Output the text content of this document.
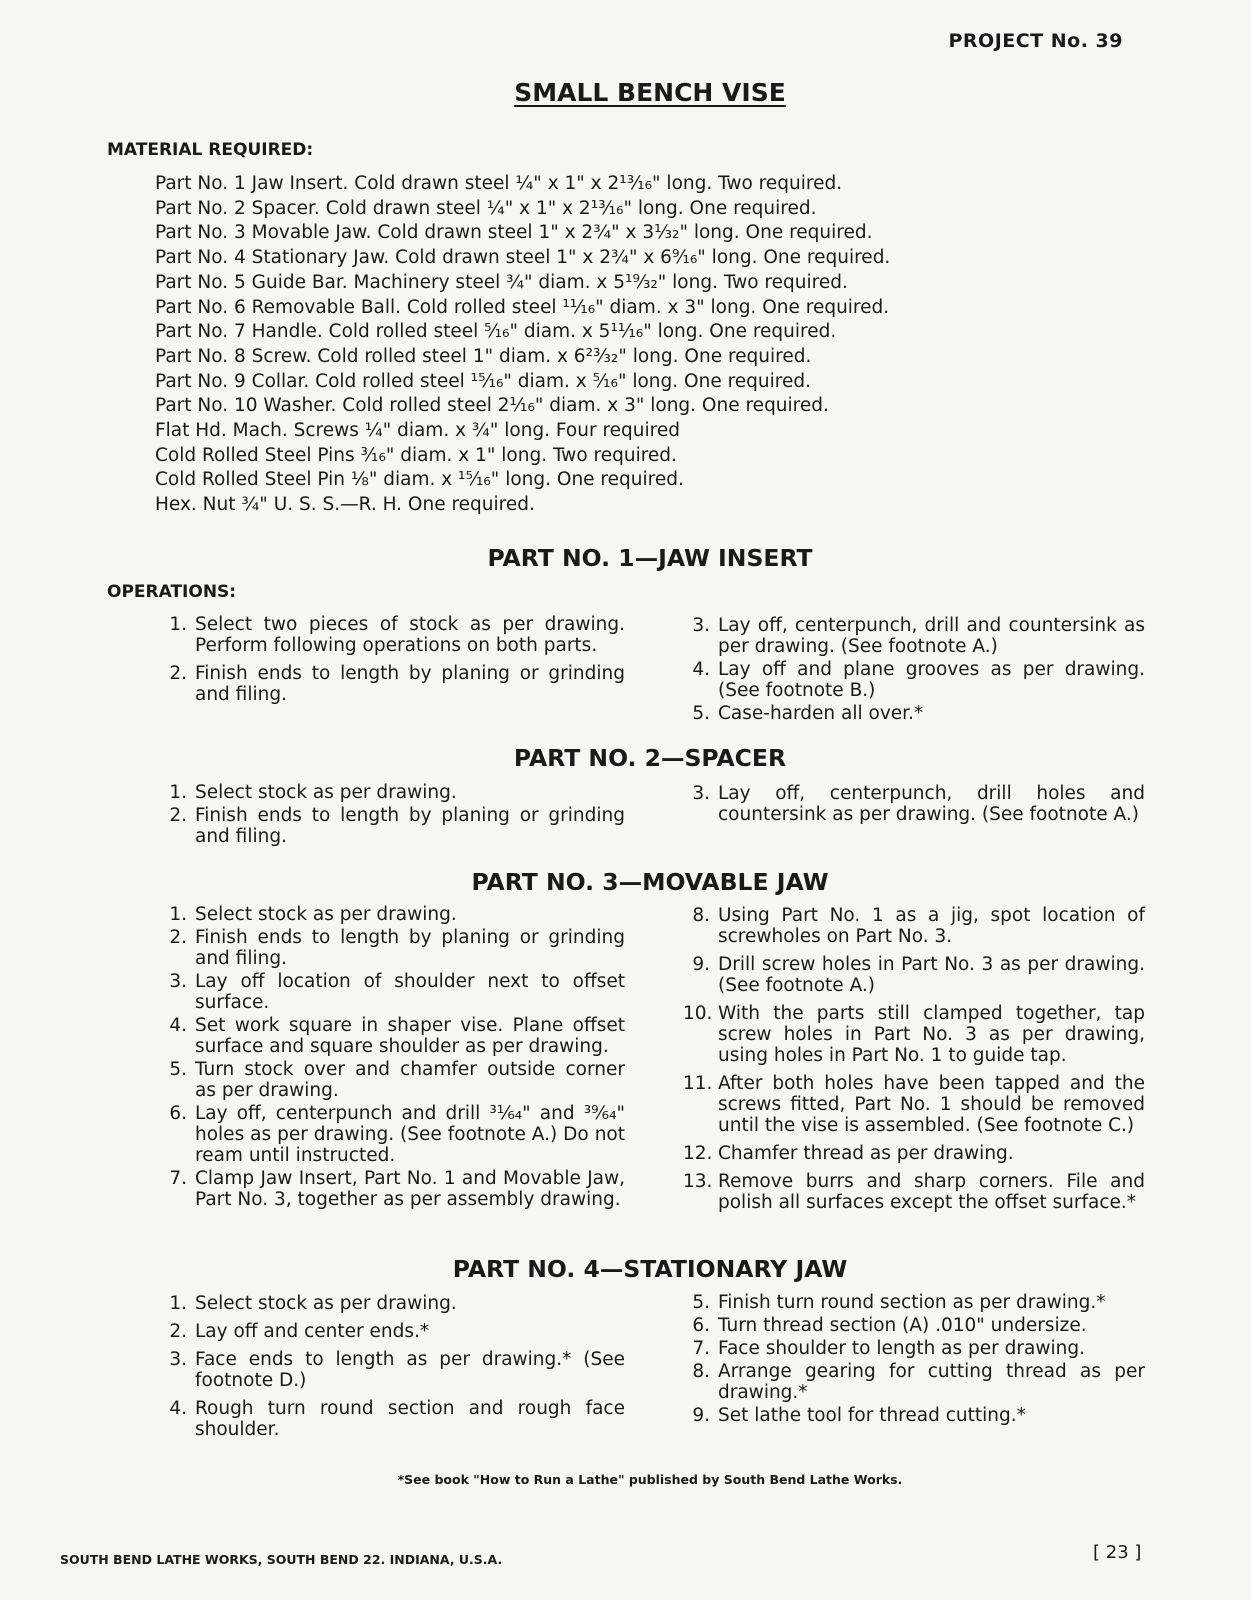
PROJECT No. 39
SMALL BENCH VISE
MATERIAL REQUIRED:
Part No. 1 Jaw Insert. Cold drawn steel ¼" x 1" x 2¹³⁄₁₆" long. Two required.
Part No. 2 Spacer. Cold drawn steel ¼" x 1" x 2¹³⁄₁₆" long. One required.
Part No. 3 Movable Jaw. Cold drawn steel 1" x 2¾" x 3¹⁄₃₂" long. One required.
Part No. 4 Stationary Jaw. Cold drawn steel 1" x 2¾" x 6⁹⁄₁₆" long. One required.
Part No. 5 Guide Bar. Machinery steel ¾" diam. x 5¹⁹⁄₃₂" long. Two required.
Part No. 6 Removable Ball. Cold rolled steel ¹¹⁄₁₆" diam. x 3" long. One required.
Part No. 7 Handle. Cold rolled steel ⁵⁄₁₆" diam. x 5¹¹⁄₁₆" long. One required.
Part No. 8 Screw. Cold rolled steel 1" diam. x 6²³⁄₃₂" long. One required.
Part No. 9 Collar. Cold rolled steel ¹⁵⁄₁₆" diam. x ⁵⁄₁₆" long. One required.
Part No. 10 Washer. Cold rolled steel 2¹⁄₁₆" diam. x 3" long. One required.
Flat Hd. Mach. Screws ¼" diam. x ¾" long. Four required
Cold Rolled Steel Pins ³⁄₁₆" diam. x 1" long. Two required.
Cold Rolled Steel Pin ⅛" diam. x ¹⁵⁄₁₆" long. One required.
Hex. Nut ¾" U. S. S.—R. H. One required.
PART NO. 1—JAW INSERT
OPERATIONS:
1. Select two pieces of stock as per drawing. Perform following operations on both parts.
2. Finish ends to length by planing or grinding and filing.
3. Lay off, centerpunch, drill and countersink as per drawing. (See footnote A.)
4. Lay off and plane grooves as per drawing. (See footnote B.)
5. Case-harden all over.*
PART NO. 2—SPACER
1. Select stock as per drawing.
2. Finish ends to length by planing or grinding and filing.
3. Lay off, centerpunch, drill holes and countersink as per drawing. (See footnote A.)
PART NO. 3—MOVABLE JAW
1. Select stock as per drawing.
2. Finish ends to length by planing or grinding and filing.
3. Lay off location of shoulder next to offset surface.
4. Set work square in shaper vise. Plane offset surface and square shoulder as per drawing.
5. Turn stock over and chamfer outside corner as per drawing.
6. Lay off, centerpunch and drill ³¹⁄₆₄" and ³⁹⁄₆₄" holes as per drawing. (See footnote A.) Do not ream until instructed.
7. Clamp Jaw Insert, Part No. 1 and Movable Jaw, Part No. 3, together as per assembly drawing.
8. Using Part No. 1 as a jig, spot location of screwholes on Part No. 3.
9. Drill screw holes in Part No. 3 as per drawing. (See footnote A.)
10. With the parts still clamped together, tap screw holes in Part No. 3 as per drawing, using holes in Part No. 1 to guide tap.
11. After both holes have been tapped and the screws fitted, Part No. 1 should be removed until the vise is assembled. (See footnote C.)
12. Chamfer thread as per drawing.
13. Remove burrs and sharp corners. File and polish all surfaces except the offset surface.*
PART NO. 4—STATIONARY JAW
1. Select stock as per drawing.
2. Lay off and center ends.*
3. Face ends to length as per drawing.* (See footnote D.)
4. Rough turn round section and rough face shoulder.
5. Finish turn round section as per drawing.*
6. Turn thread section (A) .010" undersize.
7. Face shoulder to length as per drawing.
8. Arrange gearing for cutting thread as per drawing.*
9. Set lathe tool for thread cutting.*
*See book "How to Run a Lathe" published by South Bend Lathe Works.
SOUTH BEND LATHE WORKS, SOUTH BEND 22. INDIANA, U.S.A.	[ 23 ]
